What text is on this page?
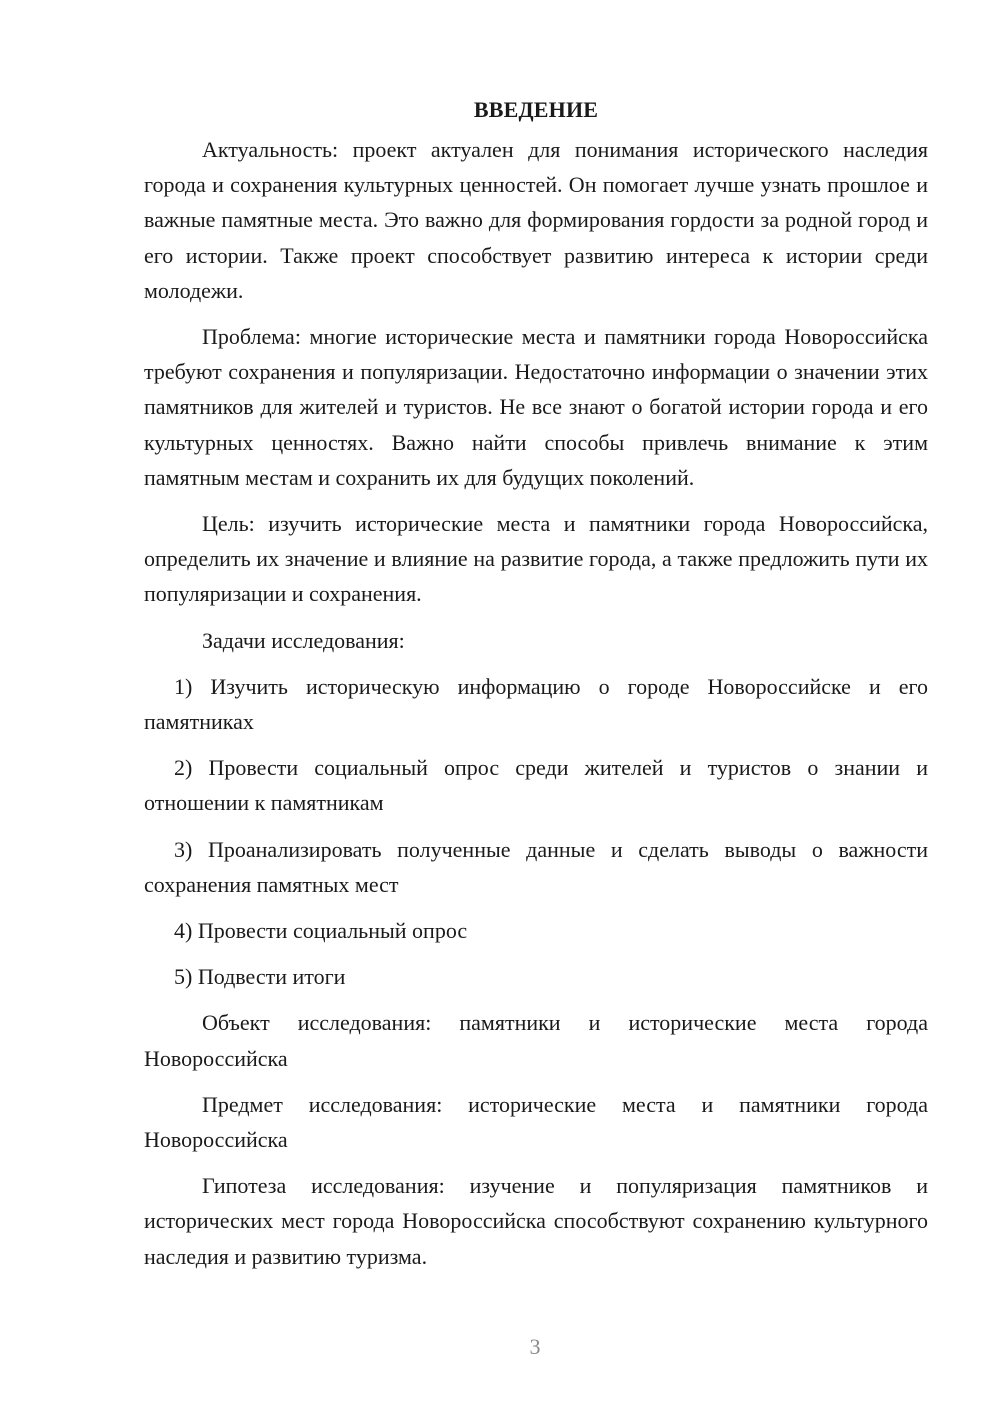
ВВЕДЕНИЕ

Актуальность: проект актуален для понимания исторического наследия города и сохранения культурных ценностей. Он помогает лучше узнать прошлое и важные памятные места. Это важно для формирования гордости за родной город и его истории. Также проект способствует развитию интереса к истории среди молодежи.

Проблема: многие исторические места и памятники города Новороссийска требуют сохранения и популяризации. Недостаточно информации о значении этих памятников для жителей и туристов. Не все знают о богатой истории города и его культурных ценностях. Важно найти способы привлечь внимание к этим памятным местам и сохранить их для будущих поколений.

Цель: изучить исторические места и памятники города Новороссийска, определить их значение и влияние на развитие города, а также предложить пути их популяризации и сохранения.

Задачи исследования:

1) Изучить историческую информацию о городе Новороссийске и его памятниках

2) Провести социальный опрос среди жителей и туристов о знании и отношении к памятникам

3) Проанализировать полученные данные и сделать выводы о важности сохранения памятных мест

4) Провести социальный опрос

5) Подвести итоги

Объект исследования: памятники и исторические места города Новороссийска

Предмет исследования: исторические места и памятники города Новороссийска

Гипотеза исследования: изучение и популяризация памятников и исторических мест города Новороссийска способствуют сохранению культурного наследия и развитию туризма.

3
